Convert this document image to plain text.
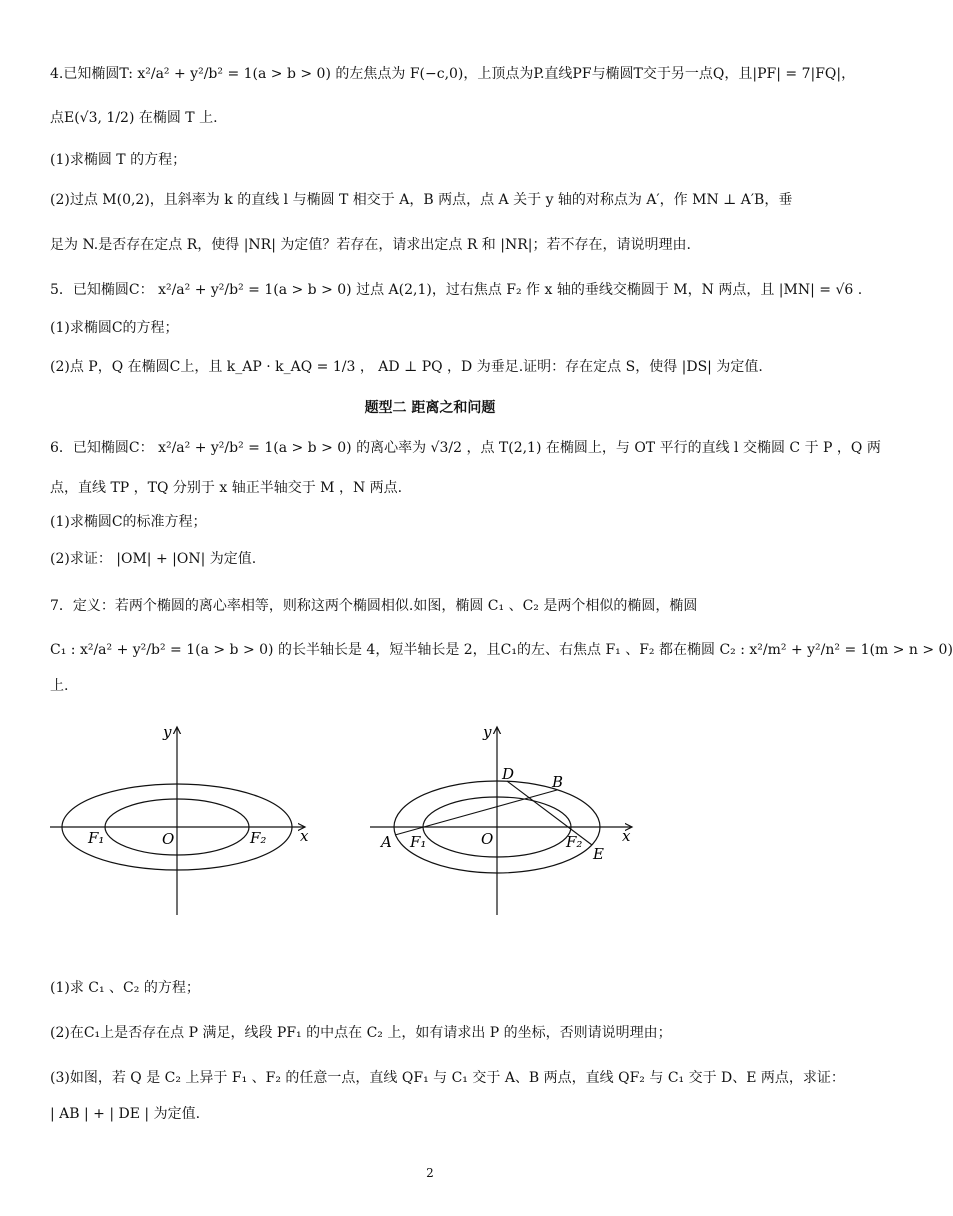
4.已知椭圆T: x²/a² + y²/b² = 1(a > b > 0) 的左焦点为 F(−c,0)，上顶点为P.直线PF与椭圆T交于另一点Q，且|PF| = 7|FQ|，
点E(√3, 1/2) 在椭圆 T 上.
(1)求椭圆 T 的方程；
(2)过点 M(0,2)，且斜率为 k 的直线 l 与椭圆 T 相交于 A，B 两点，点 A 关于 y 轴的对称点为 A′，作 MN ⊥ A′B，垂
足为 N.是否存在定点 R，使得 |NR| 为定值？若存在，请求出定点 R 和 |NR|；若不存在，请说明理由.
5．已知椭圆C： x²/a² + y²/b² = 1(a > b > 0) 过点 A(2,1)，过右焦点 F₂ 作 x 轴的垂线交椭圆于 M，N 两点，且 |MN| = √6 .
(1)求椭圆C的方程；
(2)点 P，Q 在椭圆C上，且 k_AP · k_AQ = 1/3 ， AD ⊥ PQ ，D 为垂足.证明：存在定点 S，使得 |DS| 为定值.
题型二 距离之和问题
6．已知椭圆C： x²/a² + y²/b² = 1(a > b > 0) 的离心率为 √3/2 ，点 T(2,1) 在椭圆上，与 OT 平行的直线 l 交椭圆 C 于 P ，Q 两
点，直线 TP ，TQ 分别于 x 轴正半轴交于 M ，N 两点.
(1)求椭圆C的标准方程；
(2)求证： |OM| + |ON| 为定值.
7．定义：若两个椭圆的离心率相等，则称这两个椭圆相似.如图，椭圆 C₁ 、C₂ 是两个相似的椭圆，椭圆
C₁ : x²/a² + y²/b² = 1(a > b > 0) 的长半轴长是 4，短半轴长是 2，且C₁的左、右焦点 F₁ 、F₂ 都在椭圆 C₂ : x²/m² + y²/n² = 1(m > n > 0)
上.
y
x
O
F₁	F₂
y
x
O
F₁	F₂
A
B
D
E
(1)求 C₁ 、C₂ 的方程；
(2)在C₁上是否存在点 P 满足，线段 PF₁ 的中点在 C₂ 上，如有请求出 P 的坐标，否则请说明理由；
(3)如图，若 Q 是 C₂ 上异于 F₁ 、F₂ 的任意一点，直线 QF₁ 与 C₁ 交于 A、B 两点，直线 QF₂ 与 C₁ 交于 D、E 两点，求证：
| AB | + | DE | 为定值.
2
